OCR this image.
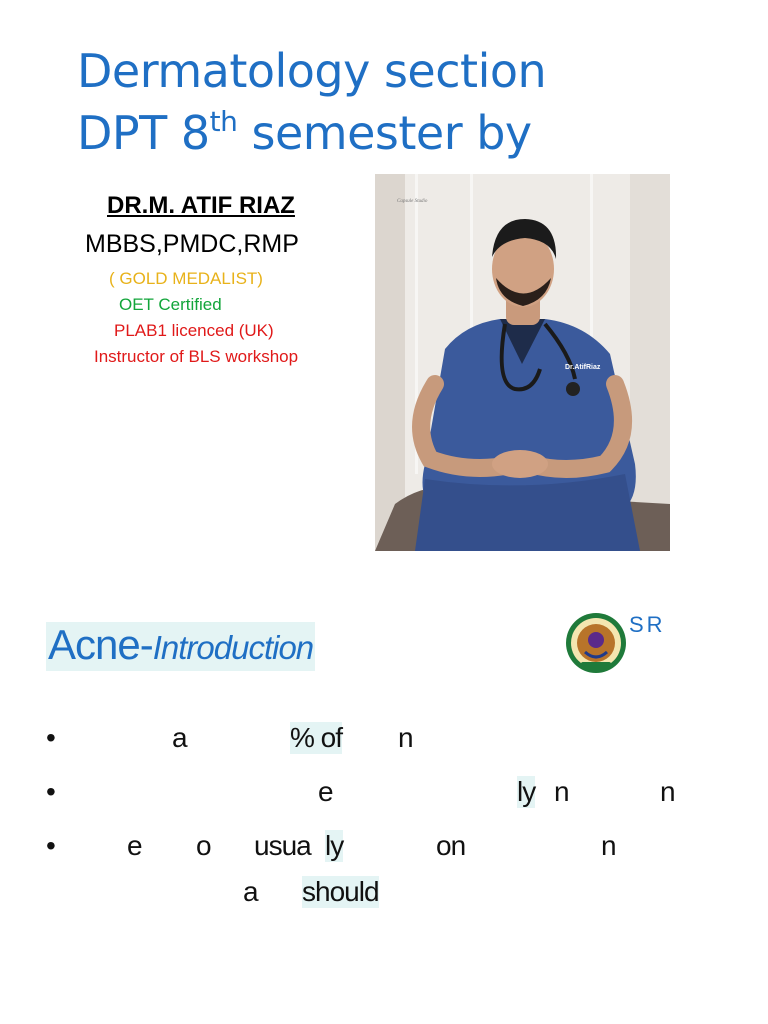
Dermatology section
DPT 8th semester by
DR.M. ATIF RIAZ
MBBS,PMDC,RMP
( GOLD MEDALIST)
OET Certified
PLAB1 licenced (UK)
Instructor of BLS workshop
Dr.AtifRiaz
Capsule Studio
Acne-Introduction
SR
•	a	% of n
•	e	ly n	n
•	e o usua ly	on	n
a should
